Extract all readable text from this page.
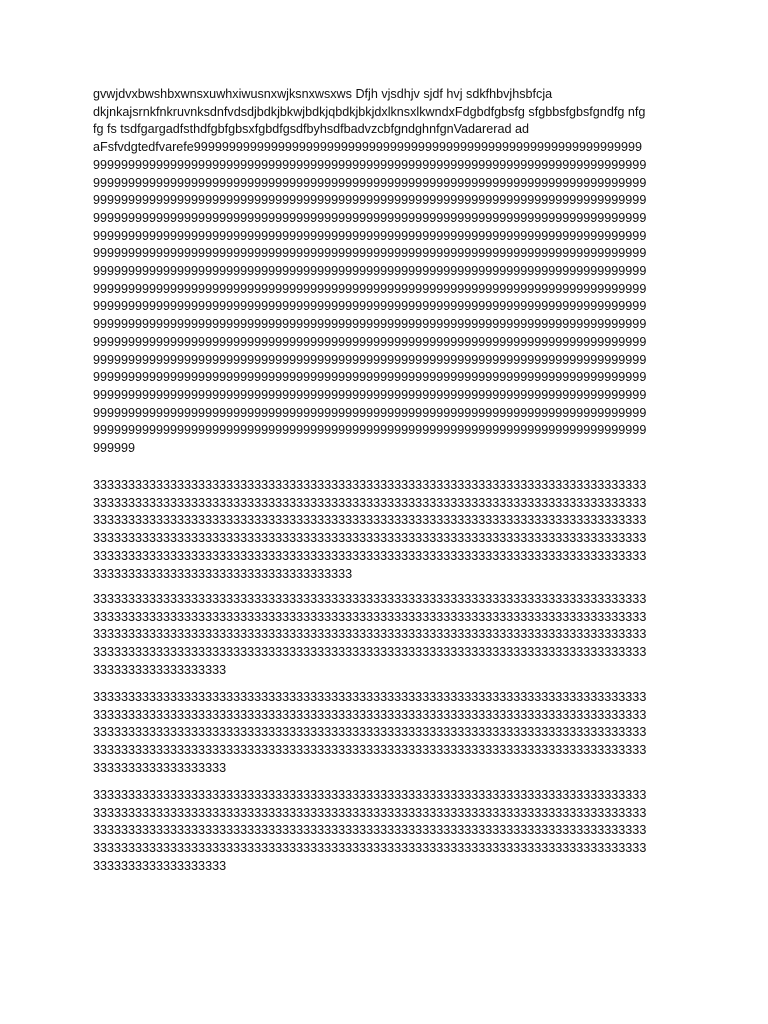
gvwjdvxbwshbxwnsxuwhxiwusnxwjksnxwsxws Dfjh vjsdhjv sjdf hvj sdkfhbvjhsbfcja
dkjnkajsrnkfnkruvnksdnfvdsdjbdkjbkwjbdkjqbdkjbkjdxlknsxlkwndxFdgbdfgbsfg sfgbbsfgbsfgndfg nfg
fg fs tsdfgargadfsthdfgbfgbsxfgbdfgsdfbyhsdfbadvzcbfgndghnfgnVadarerad ad
aFsfvdgtedfvarefe9999999999999999999999999999999999999999999999999999999999999999
9999999999999999999999999999999999999999999999999999999999999999999999999999999
9999999999999999999999999999999999999999999999999999999999999999999999999999999
9999999999999999999999999999999999999999999999999999999999999999999999999999999
9999999999999999999999999999999999999999999999999999999999999999999999999999999
9999999999999999999999999999999999999999999999999999999999999999999999999999999
9999999999999999999999999999999999999999999999999999999999999999999999999999999
9999999999999999999999999999999999999999999999999999999999999999999999999999999
9999999999999999999999999999999999999999999999999999999999999999999999999999999
9999999999999999999999999999999999999999999999999999999999999999999999999999999
9999999999999999999999999999999999999999999999999999999999999999999999999999999
9999999999999999999999999999999999999999999999999999999999999999999999999999999
9999999999999999999999999999999999999999999999999999999999999999999999999999999
9999999999999999999999999999999999999999999999999999999999999999999999999999999
9999999999999999999999999999999999999999999999999999999999999999999999999999999
9999999999999999999999999999999999999999999999999999999999999999999999999999999
9999999999999999999999999999999999999999999999999999999999999999999999999999999
999999

3333333333333333333333333333333333333333333333333333333333333333333333333333333
3333333333333333333333333333333333333333333333333333333333333333333333333333333
3333333333333333333333333333333333333333333333333333333333333333333333333333333
3333333333333333333333333333333333333333333333333333333333333333333333333333333
3333333333333333333333333333333333333333333333333333333333333333333333333333333
3333333333333333333333333333333333333

3333333333333333333333333333333333333333333333333333333333333333333333333333333
3333333333333333333333333333333333333333333333333333333333333333333333333333333
3333333333333333333333333333333333333333333333333333333333333333333333333333333
3333333333333333333333333333333333333333333333333333333333333333333333333333333
3333333333333333333

3333333333333333333333333333333333333333333333333333333333333333333333333333333
3333333333333333333333333333333333333333333333333333333333333333333333333333333
3333333333333333333333333333333333333333333333333333333333333333333333333333333
3333333333333333333333333333333333333333333333333333333333333333333333333333333
3333333333333333333

3333333333333333333333333333333333333333333333333333333333333333333333333333333
3333333333333333333333333333333333333333333333333333333333333333333333333333333
3333333333333333333333333333333333333333333333333333333333333333333333333333333
3333333333333333333333333333333333333333333333333333333333333333333333333333333
3333333333333333333
